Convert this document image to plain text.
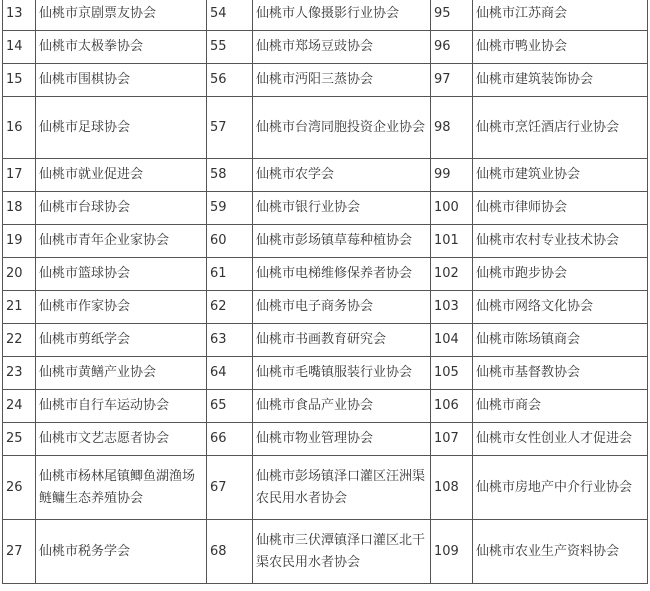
13	仙桃市京剧票友协会	54	仙桃市人像摄影行业协会	95	仙桃市江苏商会
14	仙桃市太极拳协会	55	仙桃市郑场豆豉协会	96	仙桃市鸭业协会
15	仙桃市围棋协会	56	仙桃市沔阳三蒸协会	97	仙桃市建筑装饰协会
16	仙桃市足球协会	57	仙桃市台湾同胞投资企业协会	98	仙桃市烹饪酒店行业协会
17	仙桃市就业促进会	58	仙桃市农学会	99	仙桃市建筑业协会
18	仙桃市台球协会	59	仙桃市银行业协会	100	仙桃市律师协会
19	仙桃市青年企业家协会	60	仙桃市彭场镇草莓种植协会	101	仙桃市农村专业技术协会
20	仙桃市篮球协会	61	仙桃市电梯维修保养者协会	102	仙桃市跑步协会
21	仙桃市作家协会	62	仙桃市电子商务协会	103	仙桃市网络文化协会
22	仙桃市剪纸学会	63	仙桃市书画教育研究会	104	仙桃市陈场镇商会
23	仙桃市黄鳝产业协会	64	仙桃市毛嘴镇服装行业协会	105	仙桃市基督教协会
24	仙桃市自行车运动协会	65	仙桃市食品产业协会	106	仙桃市商会
25	仙桃市文艺志愿者协会	66	仙桃市物业管理协会	107	仙桃市女性创业人才促进会
26	仙桃市杨林尾镇鲫鱼湖渔场鲢鳙生态养殖协会	67	仙桃市彭场镇泽口灌区汪洲渠农民用水者协会	108	仙桃市房地产中介行业协会
27	仙桃市税务学会	68	仙桃市三伏潭镇泽口灌区北干渠农民用水者协会	109	仙桃市农业生产资料协会
